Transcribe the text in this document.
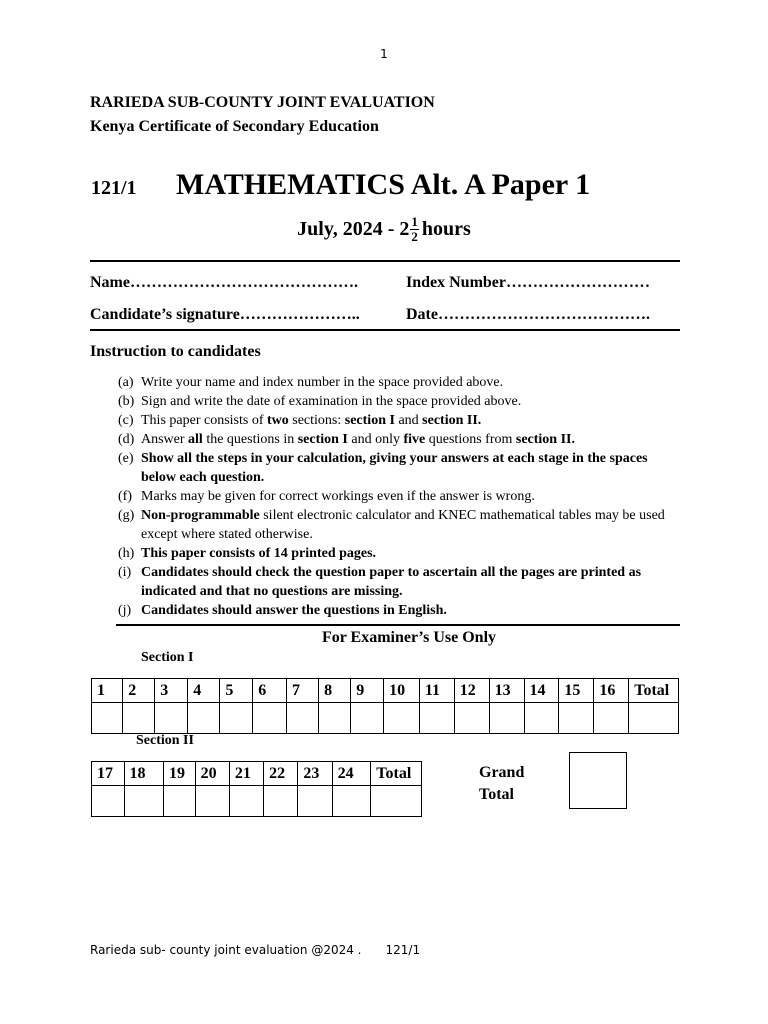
1
RARIEDA SUB-COUNTY JOINT EVALUATION
Kenya Certificate of Secondary Education
121/1 MATHEMATICS Alt. A Paper 1
July, $2024 - 2 \frac{1}{2}$ hours
Name…………………………………….	Index Number………………………
Candidate’s signature…………………..	Date………………………………….
Instruction to candidates
(a) Write your name and index number in the space provided above.
(b) Sign and write the date of examination in the space provided above.
(c) This paper consists of two sections: section I and section II.
(d) Answer all the questions in section I and only five questions from section II.
(e) Show all the steps in your calculation, giving your answers at each stage in the spaces below each question.
(f) Marks may be given for correct workings even if the answer is wrong.
(g) Non-programmable silent electronic calculator and KNEC mathematical tables may be used except where stated otherwise.
(h) This paper consists of 14 printed pages.
(i) Candidates should check the question paper to ascertain all the pages are printed as indicated and that no questions are missing.
(j) Candidates should answer the questions in English.
For Examiner’s Use Only
Section I
1	2	3	4	5	6	7	8	9	10	11	12	13	14	15	16	Total

Section II
17	18	19	20	21	22	23	24	Total
									Grand
Total
Rarieda sub- county joint evaluation @2024 . 121/1
